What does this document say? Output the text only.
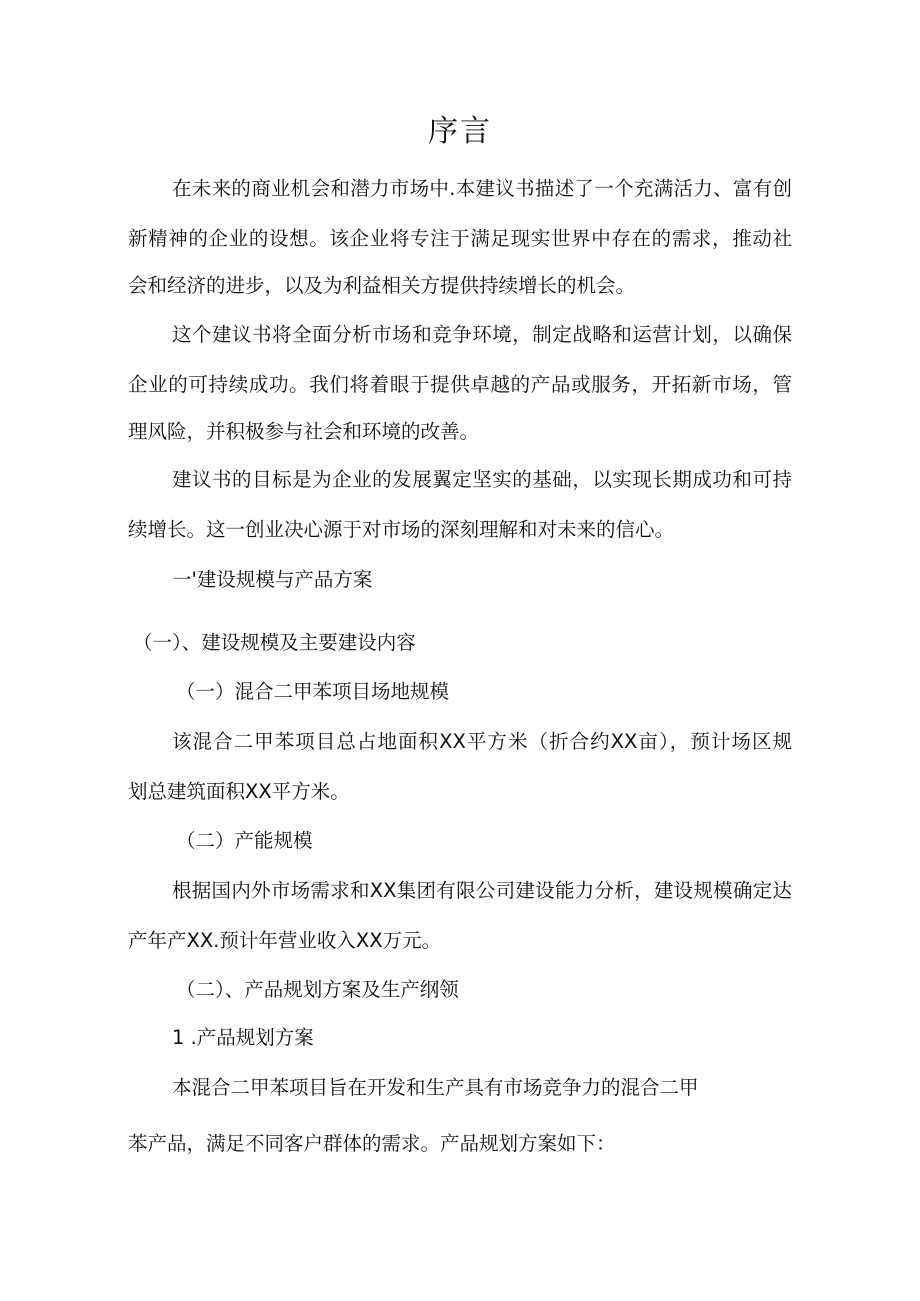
序言
在未来的商业机会和潜力市场中.本建议书描述了一个充满活力、富有创
新精神的企业的设想。该企业将专注于满足现实世界中存在的需求，推动社
会和经济的进步，以及为利益相关方提供持续增长的机会。
这个建议书将全面分析市场和竞争环境，制定战略和运营计划，以确保
企业的可持续成功。我们将着眼于提供卓越的产品或服务，开拓新市场，管
理风险，并积极参与社会和环境的改善。
建议书的目标是为企业的发展翼定坚实的基础，以实现长期成功和可持
续增长。这一创业决心源于对市场的深刻理解和对未来的信心。
一'建设规模与产品方案
（一）、建设规模及主要建设内容
（一）混合二甲苯项目场地规模
该混合二甲苯项目总占地面积XX平方米（折合约XX亩），预计场区规
划总建筑面积XX平方米。
（二）产能规模
根据国内外市场需求和XX集团有限公司建设能力分析，建设规模确定达
产年产XX.预计年营业收入XX万元。
（二）、产品规划方案及生产纲领
1 .产品规划方案
本混合二甲苯项目旨在开发和生产具有市场竞争力的混合二甲
苯产品，满足不同客户群体的需求。产品规划方案如下：
